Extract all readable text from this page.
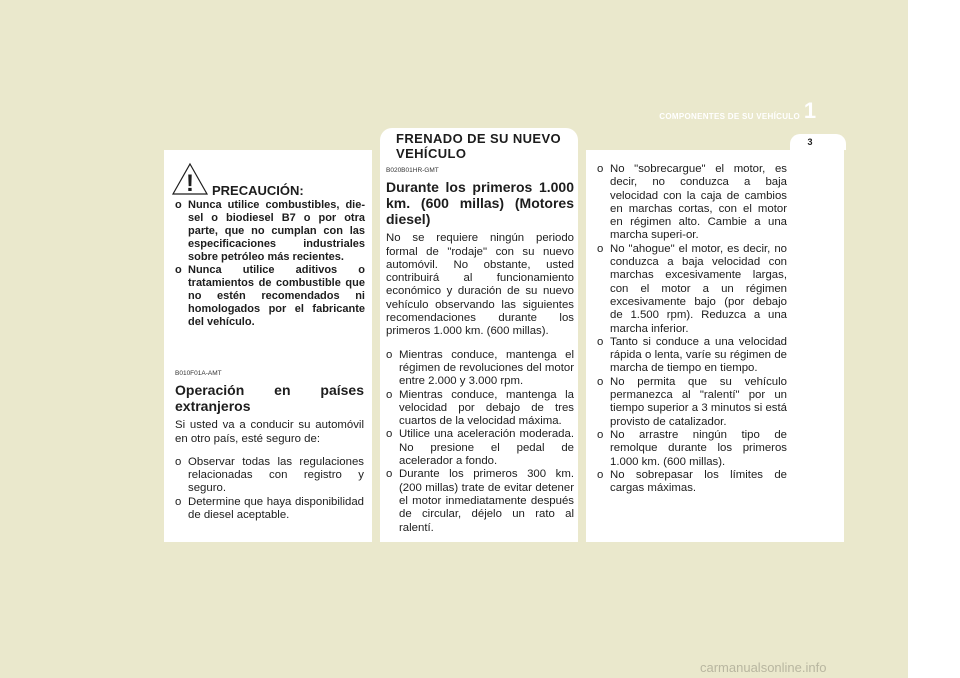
COMPONENTES DE SU VEHÍCULO 1
3
FRENADO DE SU NUEVO VEHÍCULO
! PRECAUCIÓN:
o Nunca utilice combustibles, die-sel o biodiesel B7 o por otra parte, que no cumplan con las especificaciones industriales sobre petróleo más recientes.
o Nunca utilice aditivos o tratamientos de combustible que no estén recomendados ni homologados por el fabricante del vehículo.
B010F01A-AMT
Operación en países extranjeros
Si usted va a conducir su automóvil en otro país, esté seguro de:
o Observar todas las regulaciones relacionadas con registro y seguro.
o Determine que haya disponibilidad de diesel aceptable.
B020B01HR-GMT
Durante los primeros 1.000 km. (600 millas) (Motores diesel)
No se requiere ningún periodo formal de "rodaje" con su nuevo automóvil. No obstante, usted contribuirá al funcionamiento económico y duración de su nuevo vehículo observando las siguientes recomendaciones durante los primeros 1.000 km. (600 millas).
o Mientras conduce, mantenga el régimen de revoluciones del motor entre 2.000 y 3.000 rpm.
o Mientras conduce, mantenga la velocidad por debajo de tres cuartos de la velocidad máxima.
o Utilice una aceleración moderada. No presione el pedal de acelerador a fondo.
o Durante los primeros 300 km. (200 millas) trate de evitar detener el motor inmediatamente después de circular, déjelo un rato al ralentí.
o No "sobrecargue" el motor, es decir, no conduzca a baja velocidad con la caja de cambios en marchas cortas, con el motor en régimen alto. Cambie a una marcha superi-or.
o No "ahogue" el motor, es decir, no conduzca a baja velocidad con marchas excesivamente largas, con el motor a un régimen excesivamente bajo (por debajo de 1.500 rpm). Reduzca a una marcha inferior.
o Tanto si conduce a una velocidad rápida o lenta, varíe su régimen de marcha de tiempo en tiempo.
o No permita que su vehículo permanezca al "ralentí" por un tiempo superior a 3 minutos si está provisto de catalizador.
o No arrastre ningún tipo de remolque durante los primeros 1.000 km. (600 millas).
o No sobrepasar los límites de cargas máximas.
carmanualsonline.info
